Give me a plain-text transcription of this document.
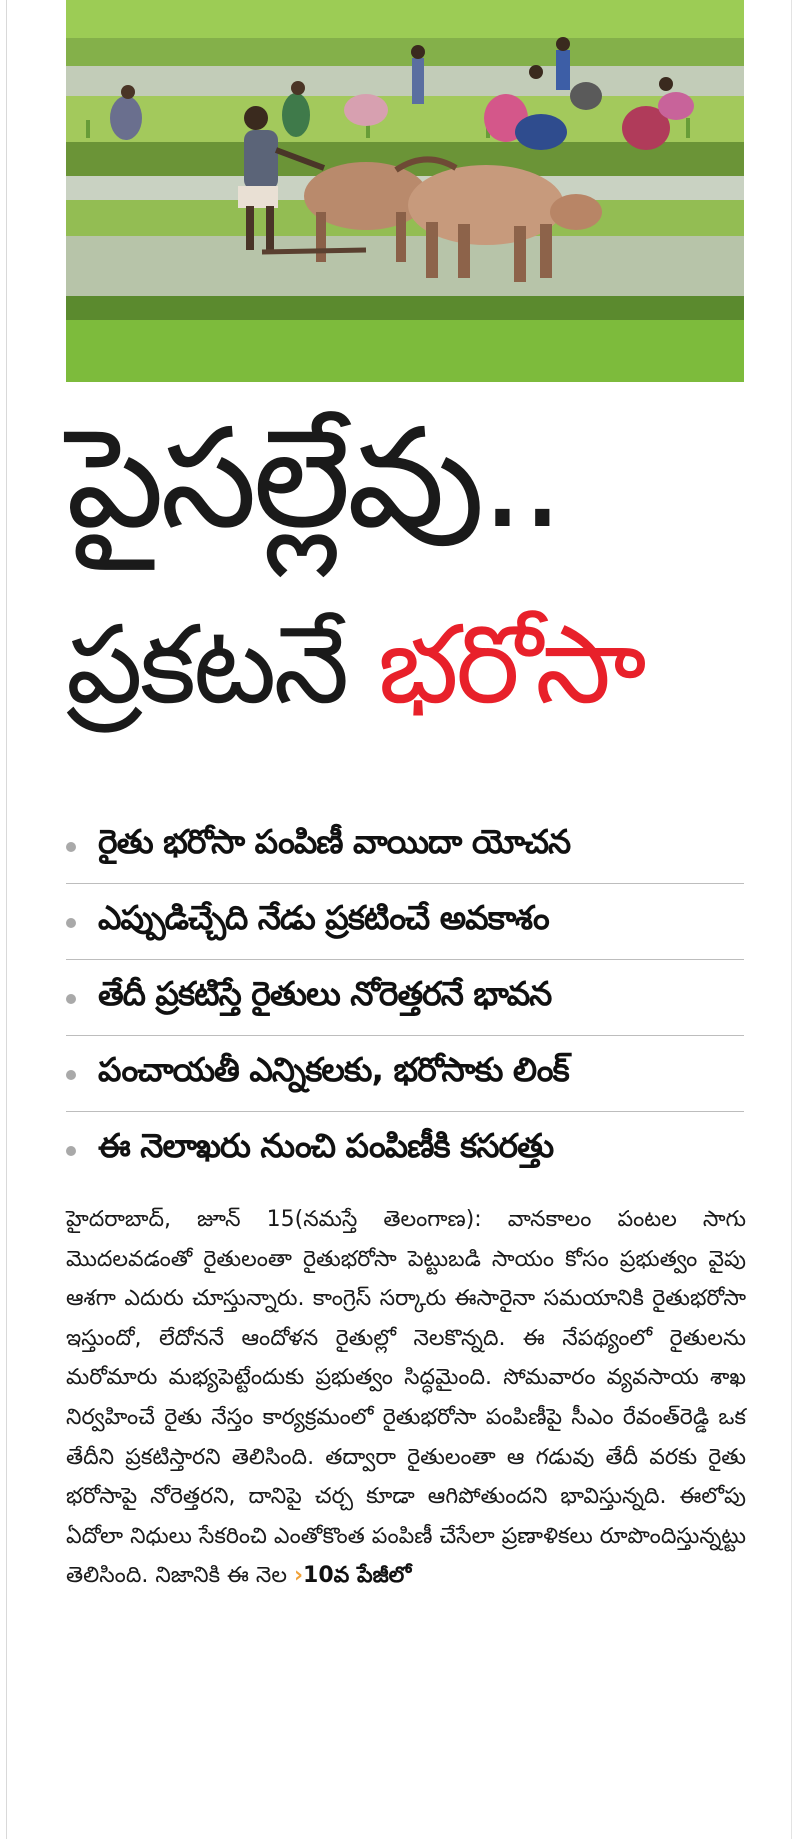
పైసల్లేవు..
ప్రకటనే భరోసా
రైతు భరోసా పంపిణీ వాయిదా యోచన
ఎప్పుడిచ్చేది నేడు ప్రకటించే అవకాశం
తేదీ ప్రకటిస్తే రైతులు నోరెత్తరనే భావన
పంచాయతీ ఎన్నికలకు, భరోసాకు లింక్
ఈ నెలాఖరు నుంచి పంపిణీకి కసరత్తు

హైదరాబాద్, జూన్ 15(నమస్తే తెలంగాణ): వానకాలం పంటల సాగు మొదలవడంతో రైతులంతా రైతుభరోసా పెట్టుబడి సాయం కోసం ప్రభుత్వం వైపు ఆశగా ఎదురు చూస్తున్నారు. కాంగ్రెస్ సర్కారు ఈసారైనా సమయానికి రైతుభరోసా ఇస్తుందో, లేదోననే ఆందోళన రైతుల్లో నెలకొన్నది. ఈ నేపథ్యంలో రైతులను మరోమారు మభ్యపెట్టేందుకు ప్రభుత్వం సిద్ధమైంది. సోమవారం వ్యవసాయ శాఖ నిర్వహించే రైతు నేస్తం కార్యక్రమంలో రైతుభరోసా పంపిణీపై సీఎం రేవంత్‌రెడ్డి ఒక తేదీని ప్రకటిస్తారని తెలిసింది. తద్వారా రైతులంతా ఆ గడువు తేదీ వరకు రైతు భరోసాపై నోరెత్తరని, దానిపై చర్చ కూడా ఆగిపోతుందని భావిస్తున్నది. ఈలోపు ఏదోలా నిధులు సేకరించి ఎంతోకొంత పంపిణీ చేసేలా ప్రణాళికలు రూపొందిస్తున్నట్టు తెలిసింది. నిజానికి ఈ నెల ›10వ పేజీలో
